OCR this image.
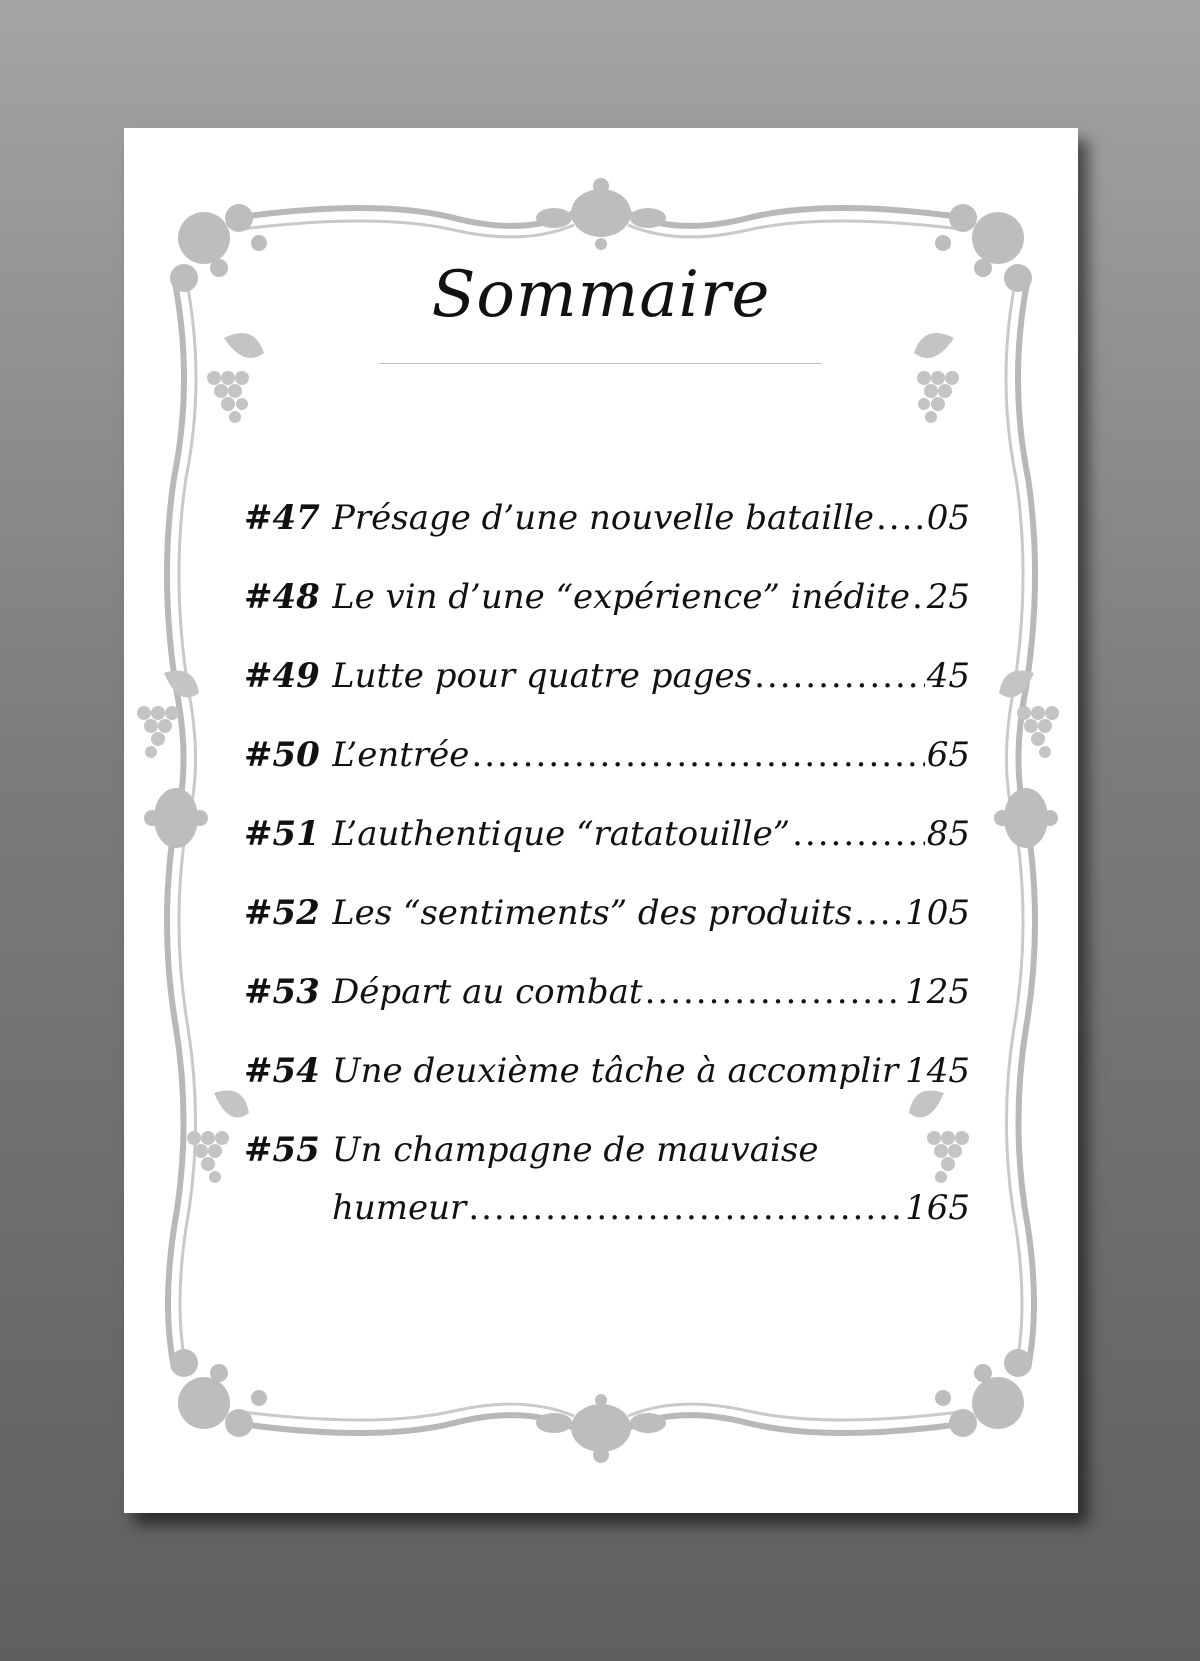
Sommaire
#47 Présage d’une nouvelle bataille ..... 05
#48 Le vin d’une “expérience” inédite ..... 25
#49 Lutte pour quatre pages .....	45
#50 L’entrée .....	65
#51 L’authentique “ratatouille” .....	85
#52 Les “sentiments” des produits ..... 105
#53 Départ au combat .....	125
#54 Une deuxième tâche à accomplir ..... 145
#55 Un champagne de mauvaise
humeur .....	165
